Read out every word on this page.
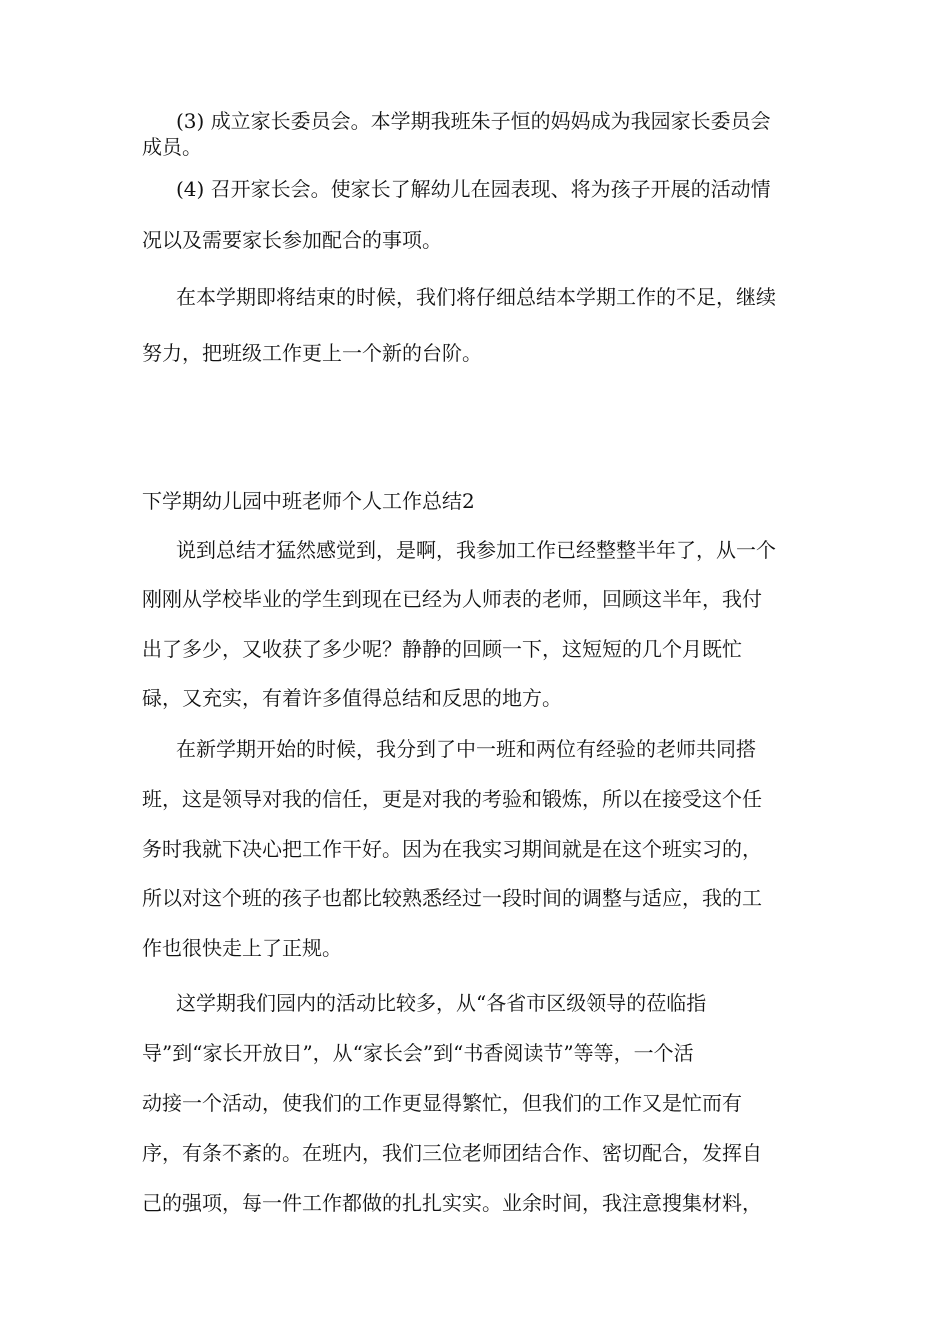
(3) 成立家长委员会。本学期我班朱子恒的妈妈成为我园家长委员会

成员。

(4) 召开家长会。使家长了解幼儿在园表现、将为孩子开展的活动情

况以及需要家长参加配合的事项。

在本学期即将结束的时候，我们将仔细总结本学期工作的不足，继续

努力，把班级工作更上一个新的台阶。

下学期幼儿园中班老师个人工作总结2

说到总结才猛然感觉到，是啊，我参加工作已经整整半年了，从一个

刚刚从学校毕业的学生到现在已经为人师表的老师，回顾这半年，我付

出了多少，又收获了多少呢？静静的回顾一下，这短短的几个月既忙

碌，又充实，有着许多值得总结和反思的地方。

在新学期开始的时候，我分到了中一班和两位有经验的老师共同搭

班，这是领导对我的信任，更是对我的考验和锻炼，所以在接受这个任

务时我就下决心把工作干好。因为在我实习期间就是在这个班实习的，

所以对这个班的孩子也都比较熟悉经过一段时间的调整与适应，我的工

作也很快走上了正规。

这学期我们园内的活动比较多，从“各省市区级领导的莅临指

导”到“家长开放日”，从“家长会”到“书香阅读节”等等，一个活

动接一个活动，使我们的工作更显得繁忙，但我们的工作又是忙而有

序，有条不紊的。在班内，我们三位老师团结合作、密切配合，发挥自

己的强项，每一件工作都做的扎扎实实。业余时间，我注意搜集材料，
